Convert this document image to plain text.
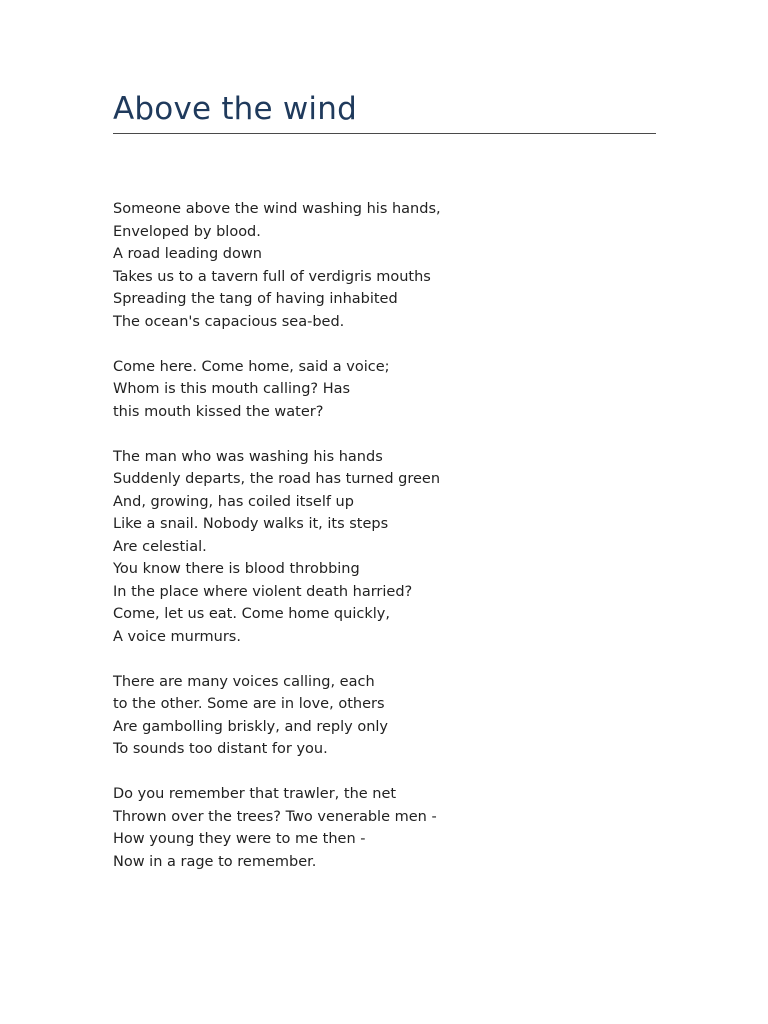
Above the wind
Someone above the wind washing his hands,
Enveloped by blood.
A road leading down
Takes us to a tavern full of verdigris mouths
Spreading the tang of having inhabited
The ocean's capacious sea-bed.
Come here. Come home, said a voice;
Whom is this mouth calling? Has
this mouth kissed the water?
The man who was washing his hands
Suddenly departs, the road has turned green
And, growing, has coiled itself up
Like a snail. Nobody walks it, its steps
Are celestial.
You know there is blood throbbing
In the place where violent death harried?
Come, let us eat. Come home quickly,
A voice murmurs.
There are many voices calling, each
to the other. Some are in love, others
Are gambolling briskly, and reply only
To sounds too distant for you.
Do you remember that trawler, the net
Thrown over the trees? Two venerable men -
How young they were to me then -
Now in a rage to remember.
